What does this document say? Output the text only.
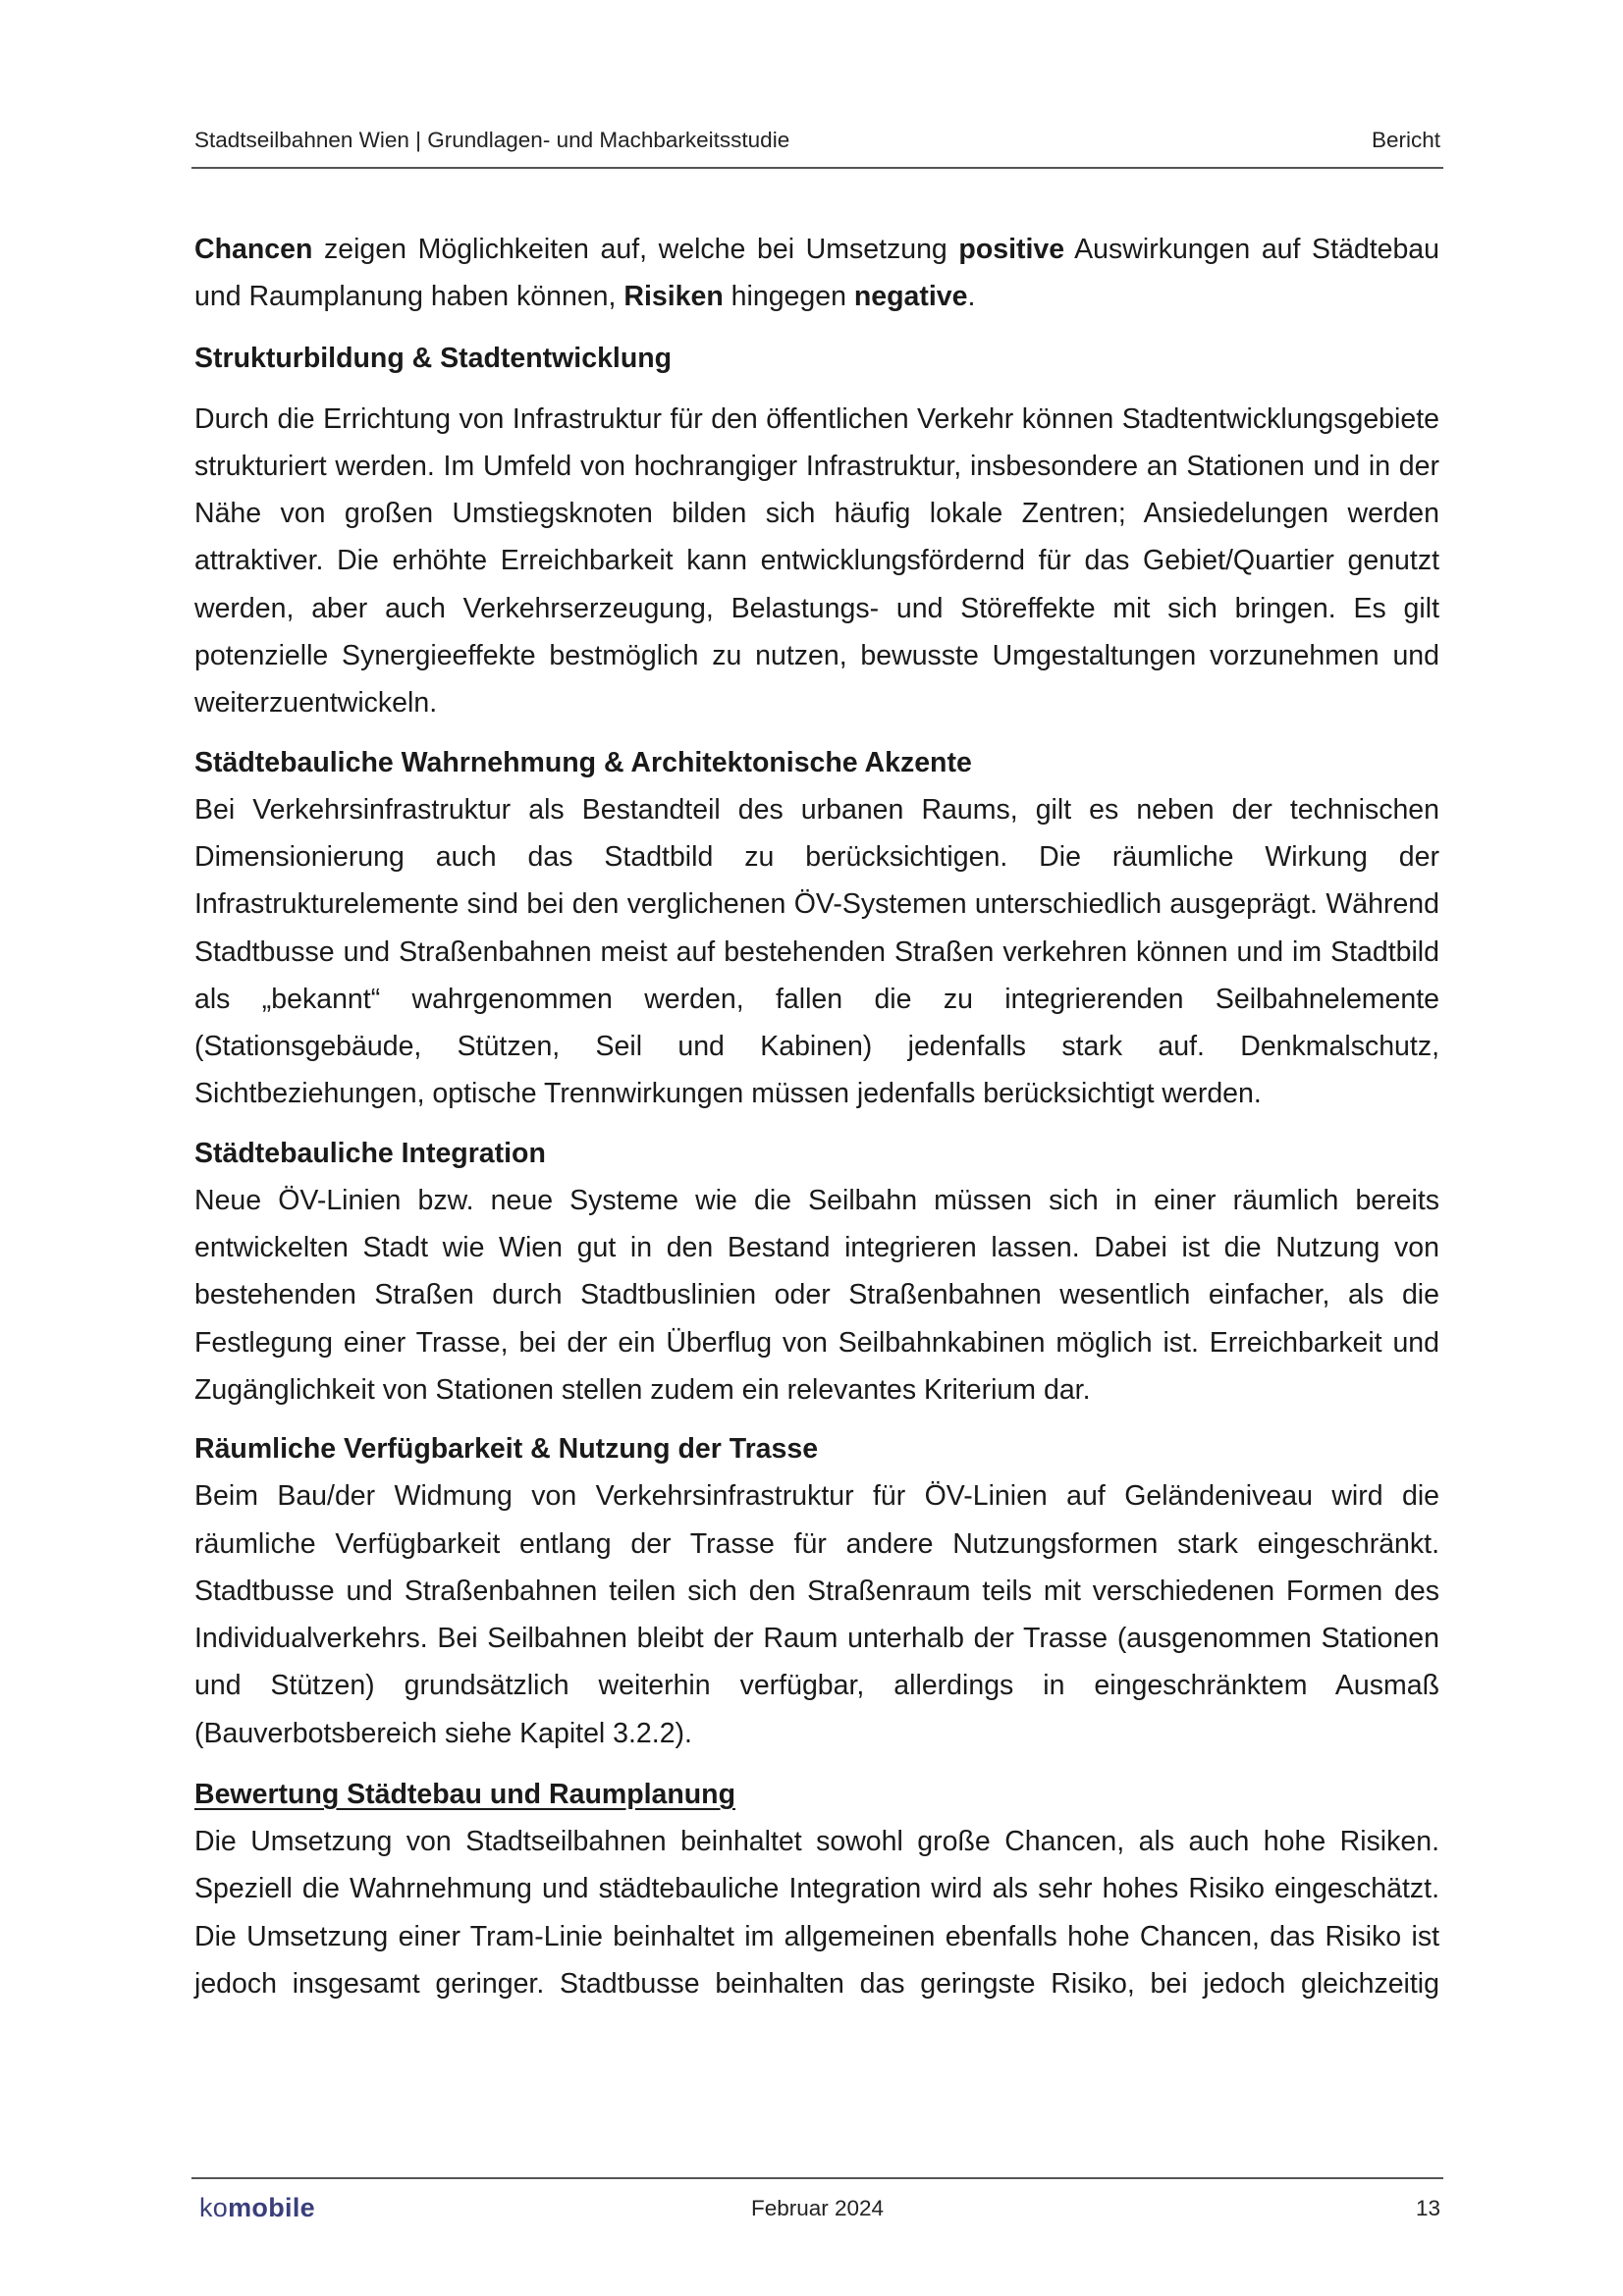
Stadtseilbahnen Wien | Grundlagen- und Machbarkeitsstudie	Bericht

Chancen zeigen Möglichkeiten auf, welche bei Umsetzung positive Auswirkungen auf Städtebau und Raumplanung haben können, Risiken hingegen negative.

Strukturbildung & Stadtentwicklung

Durch die Errichtung von Infrastruktur für den öffentlichen Verkehr können Stadtentwicklungsgebiete strukturiert werden. Im Umfeld von hochrangiger Infrastruktur, insbesondere an Stationen und in der Nähe von großen Umstiegsknoten bilden sich häufig lokale Zentren; Ansiedelungen werden attraktiver. Die erhöhte Erreichbarkeit kann entwicklungsfördernd für das Gebiet/Quartier genutzt werden, aber auch Verkehrserzeugung, Belastungs- und Störeffekte mit sich bringen. Es gilt potenzielle Synergieeffekte bestmöglich zu nutzen, bewusste Umgestaltungen vorzunehmen und weiterzuentwickeln.

Städtebauliche Wahrnehmung & Architektonische Akzente

Bei Verkehrsinfrastruktur als Bestandteil des urbanen Raums, gilt es neben der technischen Dimensionierung auch das Stadtbild zu berücksichtigen. Die räumliche Wirkung der Infrastrukturelemente sind bei den verglichenen ÖV-Systemen unterschiedlich ausgeprägt. Während Stadtbusse und Straßenbahnen meist auf bestehenden Straßen verkehren können und im Stadtbild als „bekannt“ wahrgenommen werden, fallen die zu integrierenden Seilbahnelemente (Stationsgebäude, Stützen, Seil und Kabinen) jedenfalls stark auf. Denkmalschutz, Sichtbeziehungen, optische Trennwirkungen müssen jedenfalls berücksichtigt werden.

Städtebauliche Integration

Neue ÖV-Linien bzw. neue Systeme wie die Seilbahn müssen sich in einer räumlich bereits entwickelten Stadt wie Wien gut in den Bestand integrieren lassen. Dabei ist die Nutzung von bestehenden Straßen durch Stadtbuslinien oder Straßenbahnen wesentlich einfacher, als die Festlegung einer Trasse, bei der ein Überflug von Seilbahnkabinen möglich ist. Erreichbarkeit und Zugänglichkeit von Stationen stellen zudem ein relevantes Kriterium dar.

Räumliche Verfügbarkeit & Nutzung der Trasse

Beim Bau/der Widmung von Verkehrsinfrastruktur für ÖV-Linien auf Geländeniveau wird die räumliche Verfügbarkeit entlang der Trasse für andere Nutzungsformen stark eingeschränkt. Stadtbusse und Straßenbahnen teilen sich den Straßenraum teils mit verschiedenen Formen des Individualverkehrs. Bei Seilbahnen bleibt der Raum unterhalb der Trasse (ausgenommen Stationen und Stützen) grundsätzlich weiterhin verfügbar, allerdings in eingeschränktem Ausmaß (Bauverbotsbereich siehe Kapitel 3.2.2).

Bewertung Städtebau und Raumplanung

Die Umsetzung von Stadtseilbahnen beinhaltet sowohl große Chancen, als auch hohe Risiken. Speziell die Wahrnehmung und städtebauliche Integration wird als sehr hohes Risiko eingeschätzt. Die Umsetzung einer Tram-Linie beinhaltet im allgemeinen ebenfalls hohe Chancen, das Risiko ist jedoch insgesamt geringer. Stadtbusse beinhalten das geringste Risiko, bei jedoch gleichzeitig

komobile	Februar 2024	13
